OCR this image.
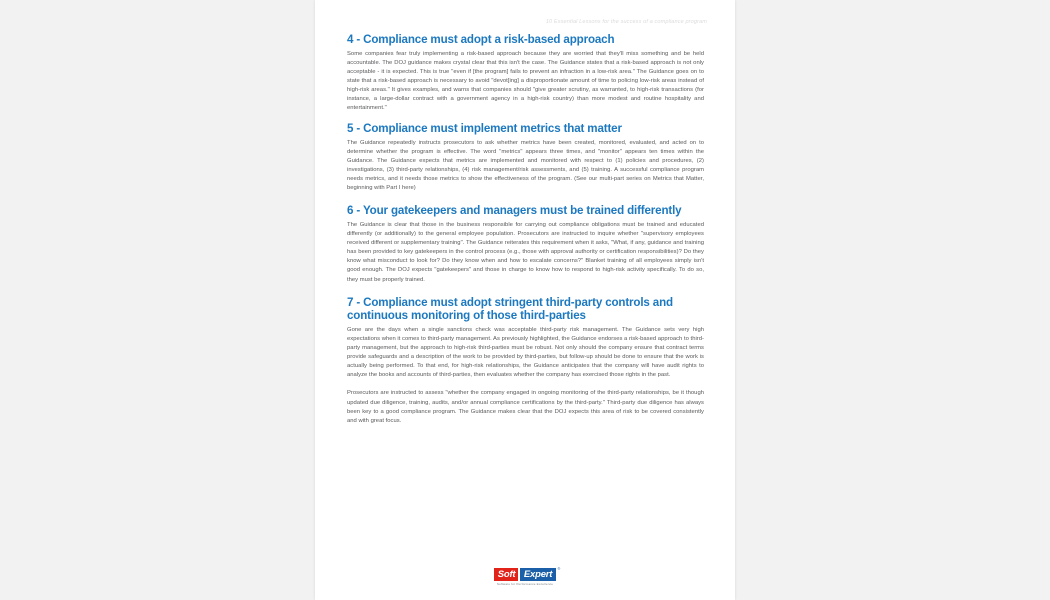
10 Essential Lessons for the success of a compliance program
4 - Compliance must adopt a risk-based approach

Some companies fear truly implementing a risk-based approach because they are worried that they'll miss something and be held accountable. The DOJ guidance makes crystal clear that this isn't the case. The Guidance states that a risk-based approach is not only acceptable - it is expected. This is true "even if [the program] fails to prevent an infraction in a low-risk area." The Guidance goes on to state that a risk-based approach is necessary to avoid "devot[ing] a disproportionate amount of time to policing low-risk areas instead of high-risk areas." It gives examples, and warns that companies should "give greater scrutiny, as warranted, to high-risk transactions (for instance, a large-dollar contract with a government agency in a high-risk country) than more modest and routine hospitality and entertainment."

5 - Compliance must implement metrics that matter

The Guidance repeatedly instructs prosecutors to ask whether metrics have been created, monitored, evaluated, and acted on to determine whether the program is effective. The word "metrics" appears three times, and "monitor" appears ten times within the Guidance. The Guidance expects that metrics are implemented and monitored with respect to (1) policies and procedures, (2) investigations, (3) third-party relationships, (4) risk management/risk assessments, and (5) training. A successful compliance program needs metrics, and it needs those metrics to show the effectiveness of the program. (See our multi-part series on Metrics that Matter, beginning with Part I here)

6 - Your gatekeepers and managers must be trained differently

The Guidance is clear that those in the business responsible for carrying out compliance obligations must be trained and educated differently (or additionally) to the general employee population. Prosecutors are instructed to inquire whether "supervisory employees received different or supplementary training". The Guidance reiterates this requirement when it asks, "What, if any, guidance and training has been provided to key gatekeepers in the control process (e.g., those with approval authority or certification responsibilities)? Do they know what misconduct to look for? Do they know when and how to escalate concerns?" Blanket training of all employees simply isn't good enough. The DOJ expects "gatekeepers" and those in charge to know how to respond to high-risk activity specifically. To do so, they must be properly trained.

7 - Compliance must adopt stringent third-party controls and continuous monitoring of those third-parties

Gone are the days when a single sanctions check was acceptable third-party risk management. The Guidance sets very high expectations when it comes to third-party management. As previously highlighted, the Guidance endorses a risk-based approach to third-party management, but the approach to high-risk third-parties must be robust. Not only should the company ensure that contract terms provide safeguards and a description of the work to be provided by third-parties, but follow-up should be done to ensure that the work is actually being performed. To that end, for high-risk relationships, the Guidance anticipates that the company will have audit rights to analyze the books and accounts of third-parties, then evaluates whether the company has exercised those rights in the past.

Prosecutors are instructed to assess "whether the company engaged in ongoing monitoring of the third-party relationships, be it though updated due diligence, training, audits, and/or annual compliance certifications by the third-party." Third-party due diligence has always been key to a good compliance program. The Guidance makes clear that the DOJ expects this area of risk to be covered consistently and with great focus.

Soft Expert	®
Software for Performance Excellence
